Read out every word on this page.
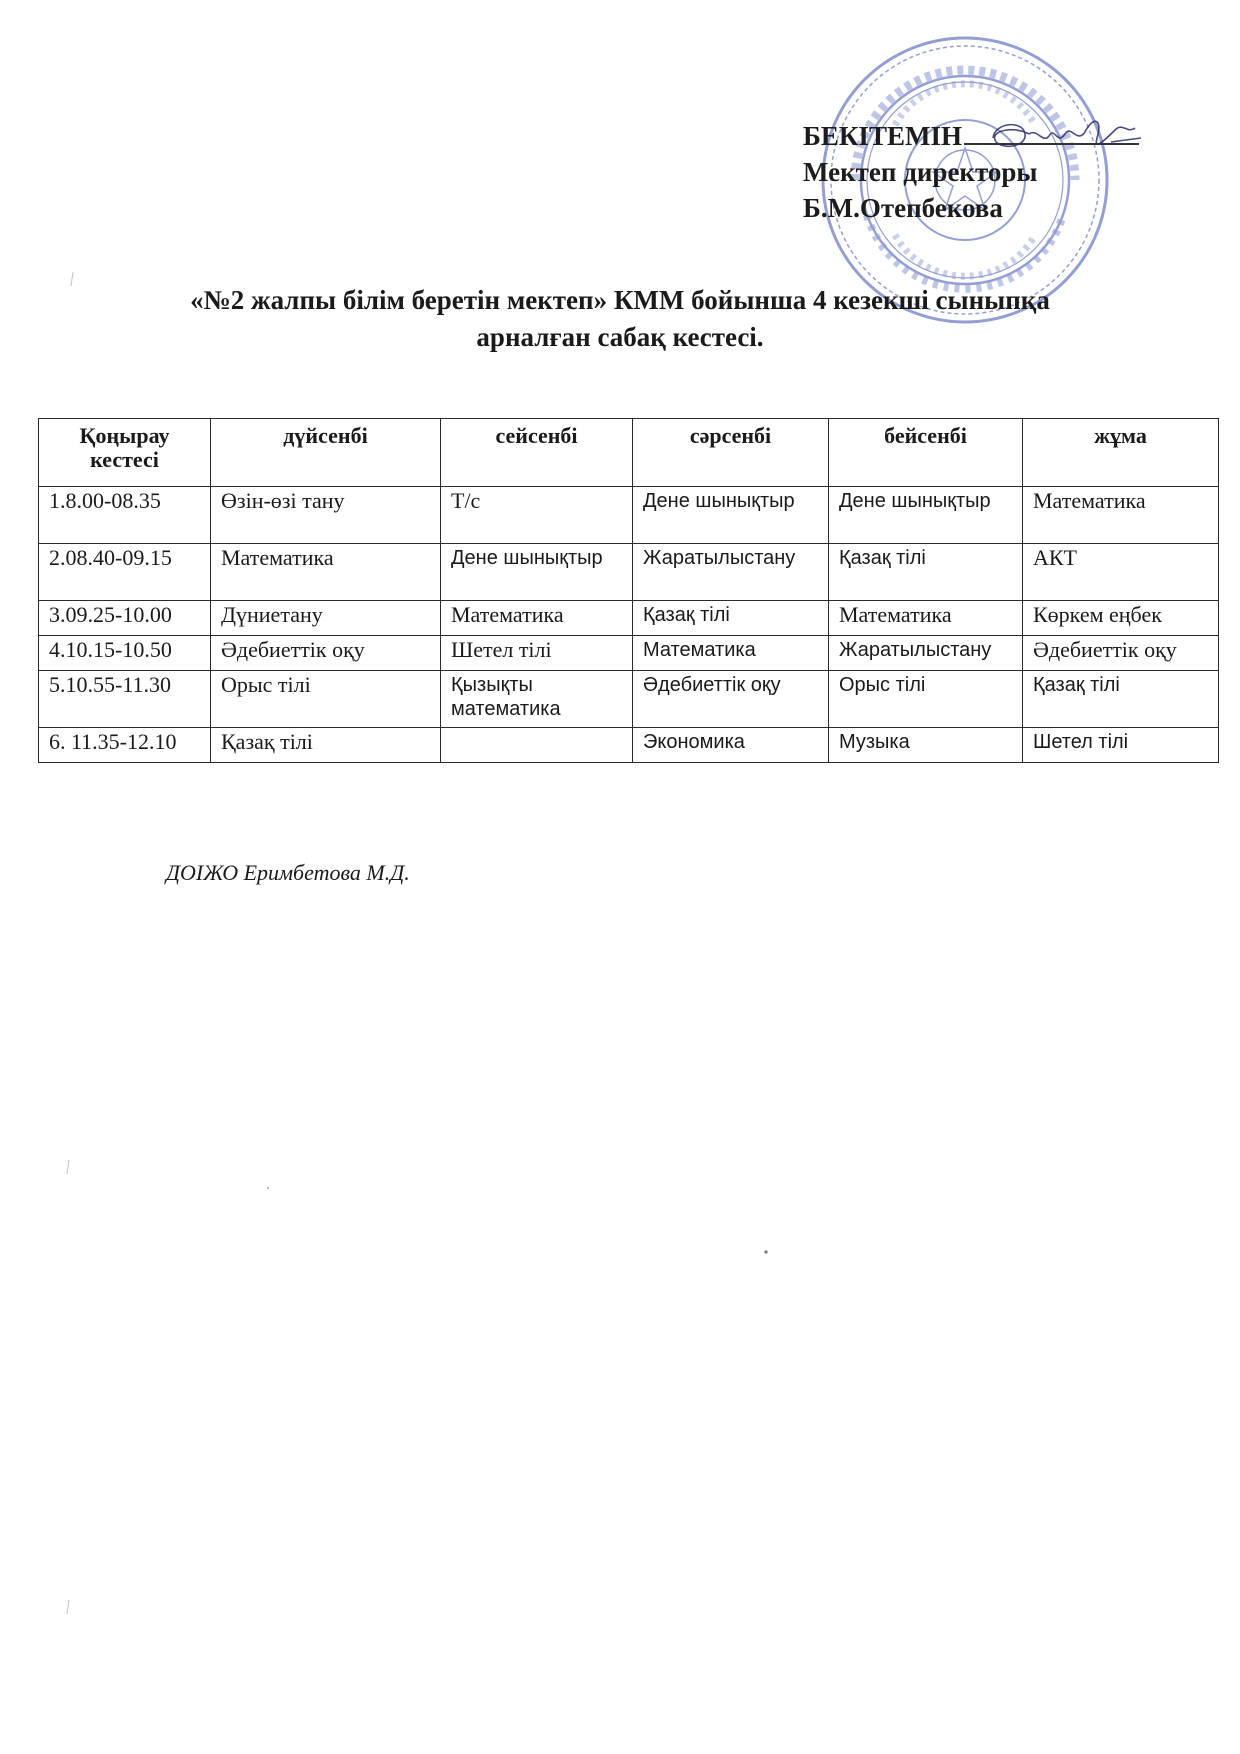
БЕКІТЕМІН
Мектеп директоры
Б.М.Отепбекова
«№2 жалпы білім беретін мектеп» КММ бойынша 4 кезекші сыныпқа
арналған сабақ кестесі.
Қоңырау кестесі	дүйсенбі	сейсенбі	сәрсенбі	бейсенбі	жұма
1.8.00-08.35	Өзін-өзі тану	Т/с	Дене шынықтыр	Дене шынықтыр	Математика
2.08.40-09.15	Математика	Дене шынықтыр	Жаратылыстану	Қазақ тілі	АКТ
3.09.25-10.00	Дүниетану	Математика	Қазақ тілі	Математика	Көркем еңбек
4.10.15-10.50	Әдебиеттік оқу	Шетел тілі	Математика	Жаратылыстану	Әдебиеттік оқу
5.10.55-11.30	Орыс тілі	Қызықты математика	Әдебиеттік оқу	Орыс тілі	Қазақ тілі
6. 11.35-12.10	Қазақ тілі		Экономика	Музыка	Шетел тілі
ДОІЖО Еримбетова М.Д.
